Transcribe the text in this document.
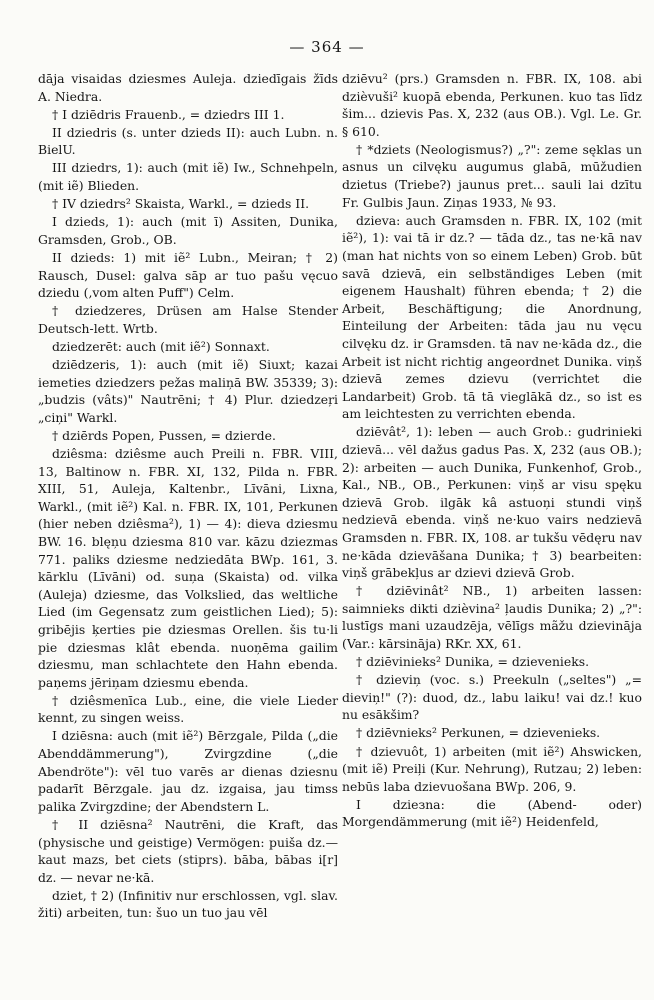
— 364 —

dāja visaidas dziesmes Auleja. dziedīgais žīds A. Niedra.

† I dziēdris Frauenb., = dziedrs III 1.

II dziedris (s. unter dzieds II): auch Lubn. n. BielU.

III dziedrs, 1): auch (mit iẽ) Iw., Schnehpeln, (mit iẽ) Blieden.

† IV dziedrs² Skaista, Warkl., = dzieds II.

I dzieds, 1): auch (mit ī) Assiten, Dunika, Gramsden, Grob., OB.

II dzieds: 1) mit iẽ² Lubn., Meiran; † 2) Rausch, Dusel: galva sāp ar tuo pašu vęcuo dziedu (,vom alten Puff") Celm.

† dziedzeres, Drüsen am Halse Stender Deutsch-lett. Wrtb.

dziedzerēt: auch (mit iẽ²) Sonnaxt.

dziēdzeris, 1): auch (mit iẽ) Siuxt; kazai iemeties dziedzers pežas maliņā BW. 35339; 3): „budzis (vâts)" Nautrēni; † 4) Plur. dziedzeŗi „ciņi" Warkl.

† dziērds Popen, Pussen, = dzierde.

dziêsma: dziêsme auch Preili n. FBR. VIII, 13, Baltinow n. FBR. XI, 132, Pilda n. FBR. XIII, 51, Auleja, Kaltenbr., Līvāni, Lixna, Warkl., (mit iẽ²) Kal. n. FBR. IX, 101, Perkunen (hier neben dziêsma²), 1) — 4): dieva dziesmu BW. 16. blęņu dziesma 810 var. kāzu dziezmas 771. paliks dziesme nedziedāta BWp. 161, 3. kārklu (Līvāni) od. suņa (Skaista) od. vilka (Auleja) dziesme, das Volkslied, das weltliche Lied (im Gegensatz zum geistlichen Lied); 5): gribējis ķerties pie dziesmas Orellen. šis tu·li pie dziesmas klât ebenda. nuoņēma gailim dziesmu, man schlachtete den Hahn ebenda. paņems jēriņam dziesmu ebenda.

† dziêsmenīca Lub., eine, die viele Lieder kennt, zu singen weiss.

I dziēsna: auch (mit iẽ²) Bērzgale, Pilda („die Abenddämmerung"), Zvirgzdine („die Abendröte"): vēl tuo varēs ar dienas dziesnu padarīt Bērzgale. jau dz. izgaisa, jau timss palika Zvirgzdine; der Abendstern L.

† II dziēsna² Nautrēni, die Kraft, das (physische und geistige) Vermögen: puiša dz.— kaut mazs, bet ciets (stiprs). bāba, bābas i[r] dz. — nevar ne·kā.

dziet, † 2) (Infinitiv nur erschlossen, vgl. slav. žiti) arbeiten, tun: šuo un tuo jau vēl

dziēvu² (prs.) Gramsden n. FBR. IX, 108. abi dzièvuši² kuopā ebenda, Perkunen. kuo tas līdz šim... dzievis Pas. X, 232 (aus OB.). Vgl. Le. Gr. § 610.

† *dziets (Neologismus?) „?": zeme sęklas un asnus un cilvęku augumus glabā, mūžudien dzietus (Triebe?) jaunus pret... sauli lai dzītu Fr. Gulbis Jaun. Ziņas 1933, № 93.

dzieva: auch Gramsden n. FBR. IX, 102 (mit iẽ²), 1): vai tā ir dz.? — tāda dz., tas ne·kā nav (man hat nichts von so einem Leben) Grob. būt savā dzievā, ein selbständiges Leben (mit eigenem Haushalt) führen ebenda; † 2) die Arbeit, Beschäftigung; die Anordnung, Einteilung der Arbeiten: tāda jau nu vęcu cilvęku dz. ir Gramsden. tā nav ne·kāda dz., die Arbeit ist nicht richtig angeordnet Dunika. viņš dzievā zemes dzievu (verrichtet die Landarbeit) Grob. tā tā vieglākā dz., so ist es am leichtesten zu verrichten ebenda.

dziēvât², 1): leben — auch Grob.: gudrinieki dzievā... vēl dažus gadus Pas. X, 232 (aus OB.); 2): arbeiten — auch Dunika, Funkenhof, Grob., Kal., NB., OB., Perkunen: viņš ar visu spęku dzievā Grob. ilgāk kâ astuoņi stundi viņš nedzievā ebenda. viņš ne·kuo vairs nedzievā Gramsden n. FBR. IX, 108. ar tukšu vēdęru nav ne·kāda dzievāšana Dunika; † 3) bearbeiten: viņš grābekļus ar dzievi dzievā Grob.

† dziēvinât² NB., 1) arbeiten lassen: saimnieks dikti dzièvina² ļaudis Dunika; 2) „?": lustīgs mani uzaudzēja, vēlīgs mãžu dzievināja (Var.: kārsināja) RKr. XX, 61.

† dziēvinieks² Dunika, = dzievenieks.

† dzieviņ (voc. s.) Preekuln („seltes") „= dieviņ!" (?): duod, dz., labu laiku! vai dz.! kuo nu esākšim?

† dziēvnieks² Perkunen, = dzievenieks.

† dzievuôt, 1) arbeiten (mit iẽ²) Ahswicken, (mit iẽ) Preiļi (Kur. Nehrung), Rutzau; 2) leben: nebūs laba dzievuošana BWp. 206, 9.

I dzieзna: die (Abend- oder) Morgendämmerung (mit iẽ²) Heidenfeld,
